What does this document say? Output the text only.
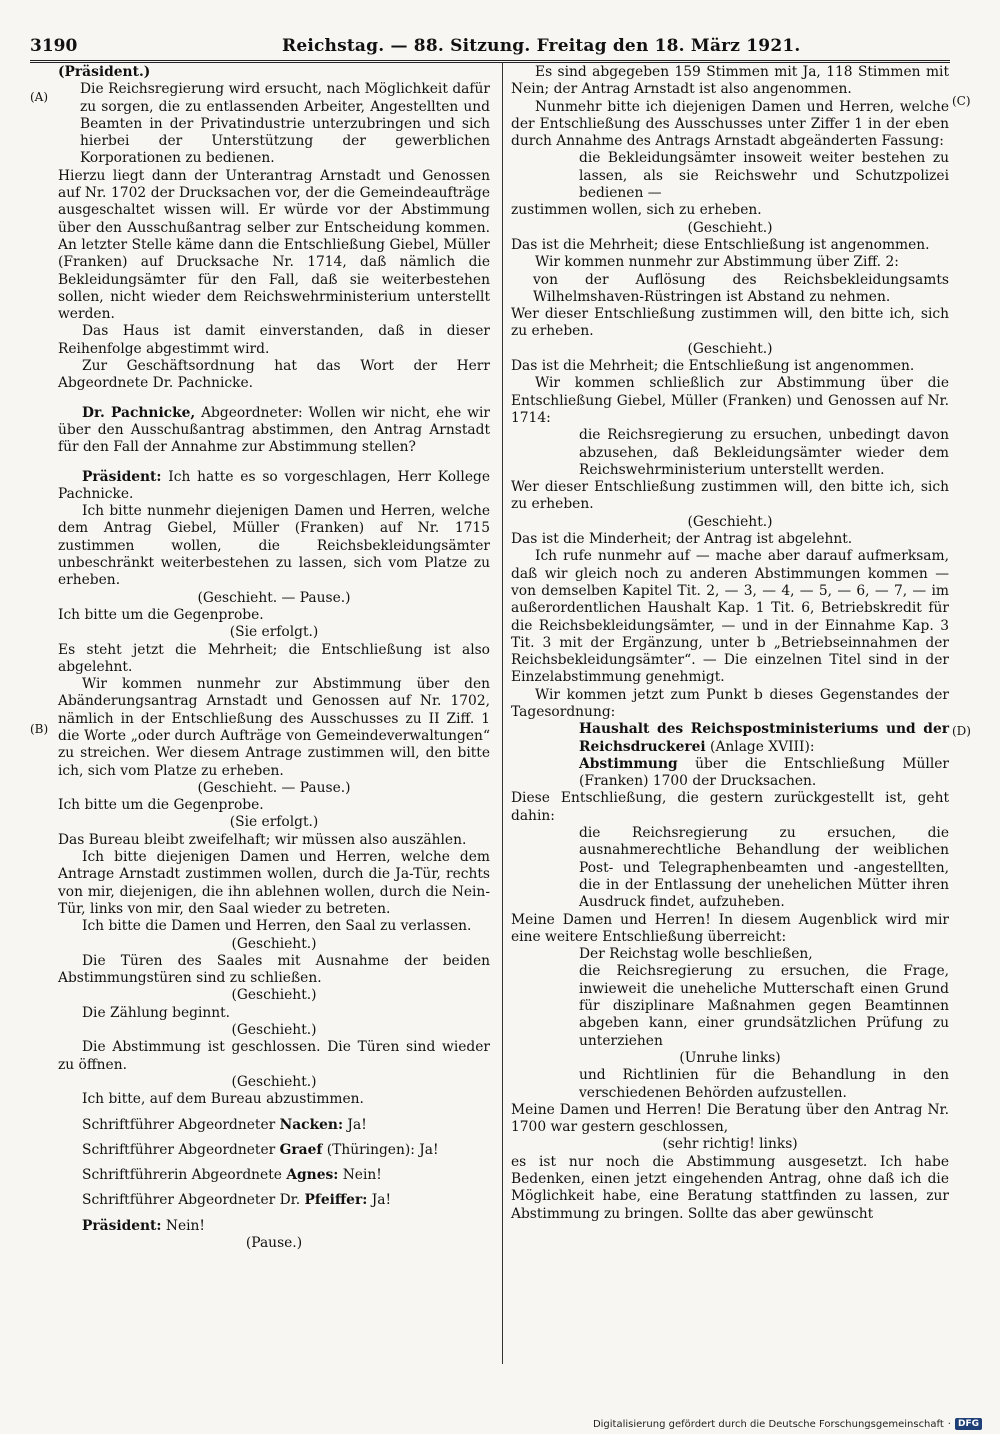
3190	Reichstag. — 88. Sitzung. Freitag den 18. März 1921.
(A)
(B)
(C)
(D)

(Präsident.)

Die Reichsregierung wird ersucht, nach Möglichkeit dafür zu sorgen, die zu entlassenden Arbeiter, Angestellten und Beamten in der Privatindustrie unterzubringen und sich hierbei der Unterstützung der gewerblichen Korporationen zu bedienen.

Hierzu liegt dann der Unterantrag Arnstadt und Genossen auf Nr. 1702 der Drucksachen vor, der die Gemeindeaufträge ausgeschaltet wissen will. Er würde vor der Abstimmung über den Ausschußantrag selber zur Entscheidung kommen. An letzter Stelle käme dann die Entschließung Giebel, Müller (Franken) auf Drucksache Nr. 1714, daß nämlich die Bekleidungsämter für den Fall, daß sie weiterbestehen sollen, nicht wieder dem Reichswehrministerium unterstellt werden.

Das Haus ist damit einverstanden, daß in dieser Reihenfolge abgestimmt wird.

Zur Geschäftsordnung hat das Wort der Herr Abgeordnete Dr. Pachnicke.

Dr. Pachnicke, Abgeordneter: Wollen wir nicht, ehe wir über den Ausschußantrag abstimmen, den Antrag Arnstadt für den Fall der Annahme zur Abstimmung stellen?

Präsident: Ich hatte es so vorgeschlagen, Herr Kollege Pachnicke.

Ich bitte nunmehr diejenigen Damen und Herren, welche dem Antrag Giebel, Müller (Franken) auf Nr. 1715 zustimmen wollen, die Reichsbekleidungsämter unbeschränkt weiterbestehen zu lassen, sich vom Platze zu erheben.

(Geschieht. — Pause.)

Ich bitte um die Gegenprobe.

(Sie erfolgt.)

Es steht jetzt die Mehrheit; die Entschließung ist also abgelehnt.

Wir kommen nunmehr zur Abstimmung über den Abänderungsantrag Arnstadt und Genossen auf Nr. 1702, nämlich in der Entschließung des Ausschusses zu II Ziff. 1 die Worte „oder durch Aufträge von Gemeindeverwaltungen“ zu streichen. Wer diesem Antrage zustimmen will, den bitte ich, sich vom Platze zu erheben.

(Geschieht. — Pause.)

Ich bitte um die Gegenprobe.

(Sie erfolgt.)

Das Bureau bleibt zweifelhaft; wir müssen also auszählen.

Ich bitte diejenigen Damen und Herren, welche dem Antrage Arnstadt zustimmen wollen, durch die Ja-Tür, rechts von mir, diejenigen, die ihn ablehnen wollen, durch die Nein-Tür, links von mir, den Saal wieder zu betreten.

Ich bitte die Damen und Herren, den Saal zu verlassen.

(Geschieht.)

Die Türen des Saales mit Ausnahme der beiden Abstimmungstüren sind zu schließen.

(Geschieht.)

Die Zählung beginnt.

(Geschieht.)

Die Abstimmung ist geschlossen. Die Türen sind wieder zu öffnen.

(Geschieht.)

Ich bitte, auf dem Bureau abzustimmen.

Schriftführer Abgeordneter Nacken: Ja!

Schriftführer Abgeordneter Graef (Thüringen): Ja!

Schriftführerin Abgeordnete Agnes: Nein!

Schriftführer Abgeordneter Dr. Pfeiffer: Ja!

Präsident: Nein!

(Pause.)

Es sind abgegeben 159 Stimmen mit Ja, 118 Stimmen mit Nein; der Antrag Arnstadt ist also angenommen.

Nunmehr bitte ich diejenigen Damen und Herren, welche der Entschließung des Ausschusses unter Ziffer 1 in der eben durch Annahme des Antrags Arnstadt abgeänderten Fassung:

die Bekleidungsämter insoweit weiter bestehen zu lassen, als sie Reichswehr und Schutzpolizei bedienen —

zustimmen wollen, sich zu erheben.

(Geschieht.)

Das ist die Mehrheit; diese Entschließung ist angenommen.

Wir kommen nunmehr zur Abstimmung über Ziff. 2:

von der Auflösung des Reichsbekleidungsamts Wilhelmshaven-Rüstringen ist Abstand zu nehmen.

Wer dieser Entschließung zustimmen will, den bitte ich, sich zu erheben.

(Geschieht.)

Das ist die Mehrheit; die Entschließung ist angenommen.

Wir kommen schließlich zur Abstimmung über die Entschließung Giebel, Müller (Franken) und Genossen auf Nr. 1714:

die Reichsregierung zu ersuchen, unbedingt davon abzusehen, daß Bekleidungsämter wieder dem Reichswehrministerium unterstellt werden.

Wer dieser Entschließung zustimmen will, den bitte ich, sich zu erheben.

(Geschieht.)

Das ist die Minderheit; der Antrag ist abgelehnt.

Ich rufe nunmehr auf — mache aber darauf aufmerksam, daß wir gleich noch zu anderen Abstimmungen kommen — von demselben Kapitel Tit. 2, — 3, — 4, — 5, — 6, — 7, — im außerordentlichen Haushalt Kap. 1 Tit. 6, Betriebskredit für die Reichsbekleidungsämter, — und in der Einnahme Kap. 3 Tit. 3 mit der Ergänzung, unter b „Betriebseinnahmen der Reichsbekleidungsämter“. — Die einzelnen Titel sind in der Einzelabstimmung genehmigt.

Wir kommen jetzt zum Punkt b dieses Gegenstandes der Tagesordnung:

Haushalt des Reichspostministeriums und der Reichsdruckerei (Anlage XVIII):
Abstimmung über die Entschließung Müller (Franken) 1700 der Drucksachen.

Diese Entschließung, die gestern zurückgestellt ist, geht dahin:

die Reichsregierung zu ersuchen, die ausnahmerechtliche Behandlung der weiblichen Post- und Telegraphenbeamten und -angestellten, die in der Entlassung der unehelichen Mütter ihren Ausdruck findet, aufzuheben.

Meine Damen und Herren! In diesem Augenblick wird mir eine weitere Entschließung überreicht:

Der Reichstag wolle beschließen,

die Reichsregierung zu ersuchen, die Frage, inwieweit die uneheliche Mutterschaft einen Grund für disziplinare Maßnahmen gegen Beamtinnen abgeben kann, einer grundsätzlichen Prüfung zu unterziehen

(Unruhe links)

und Richtlinien für die Behandlung in den verschiedenen Behörden aufzustellen.

Meine Damen und Herren! Die Beratung über den Antrag Nr. 1700 war gestern geschlossen,

(sehr richtig! links)

es ist nur noch die Abstimmung ausgesetzt. Ich habe Bedenken, einen jetzt eingehenden Antrag, ohne daß ich die Möglichkeit habe, eine Beratung stattfinden zu lassen, zur Abstimmung zu bringen. Sollte das aber gewünscht

Digitalisierung gefördert durch die Deutsche Forschungsgemeinschaft · DFG
